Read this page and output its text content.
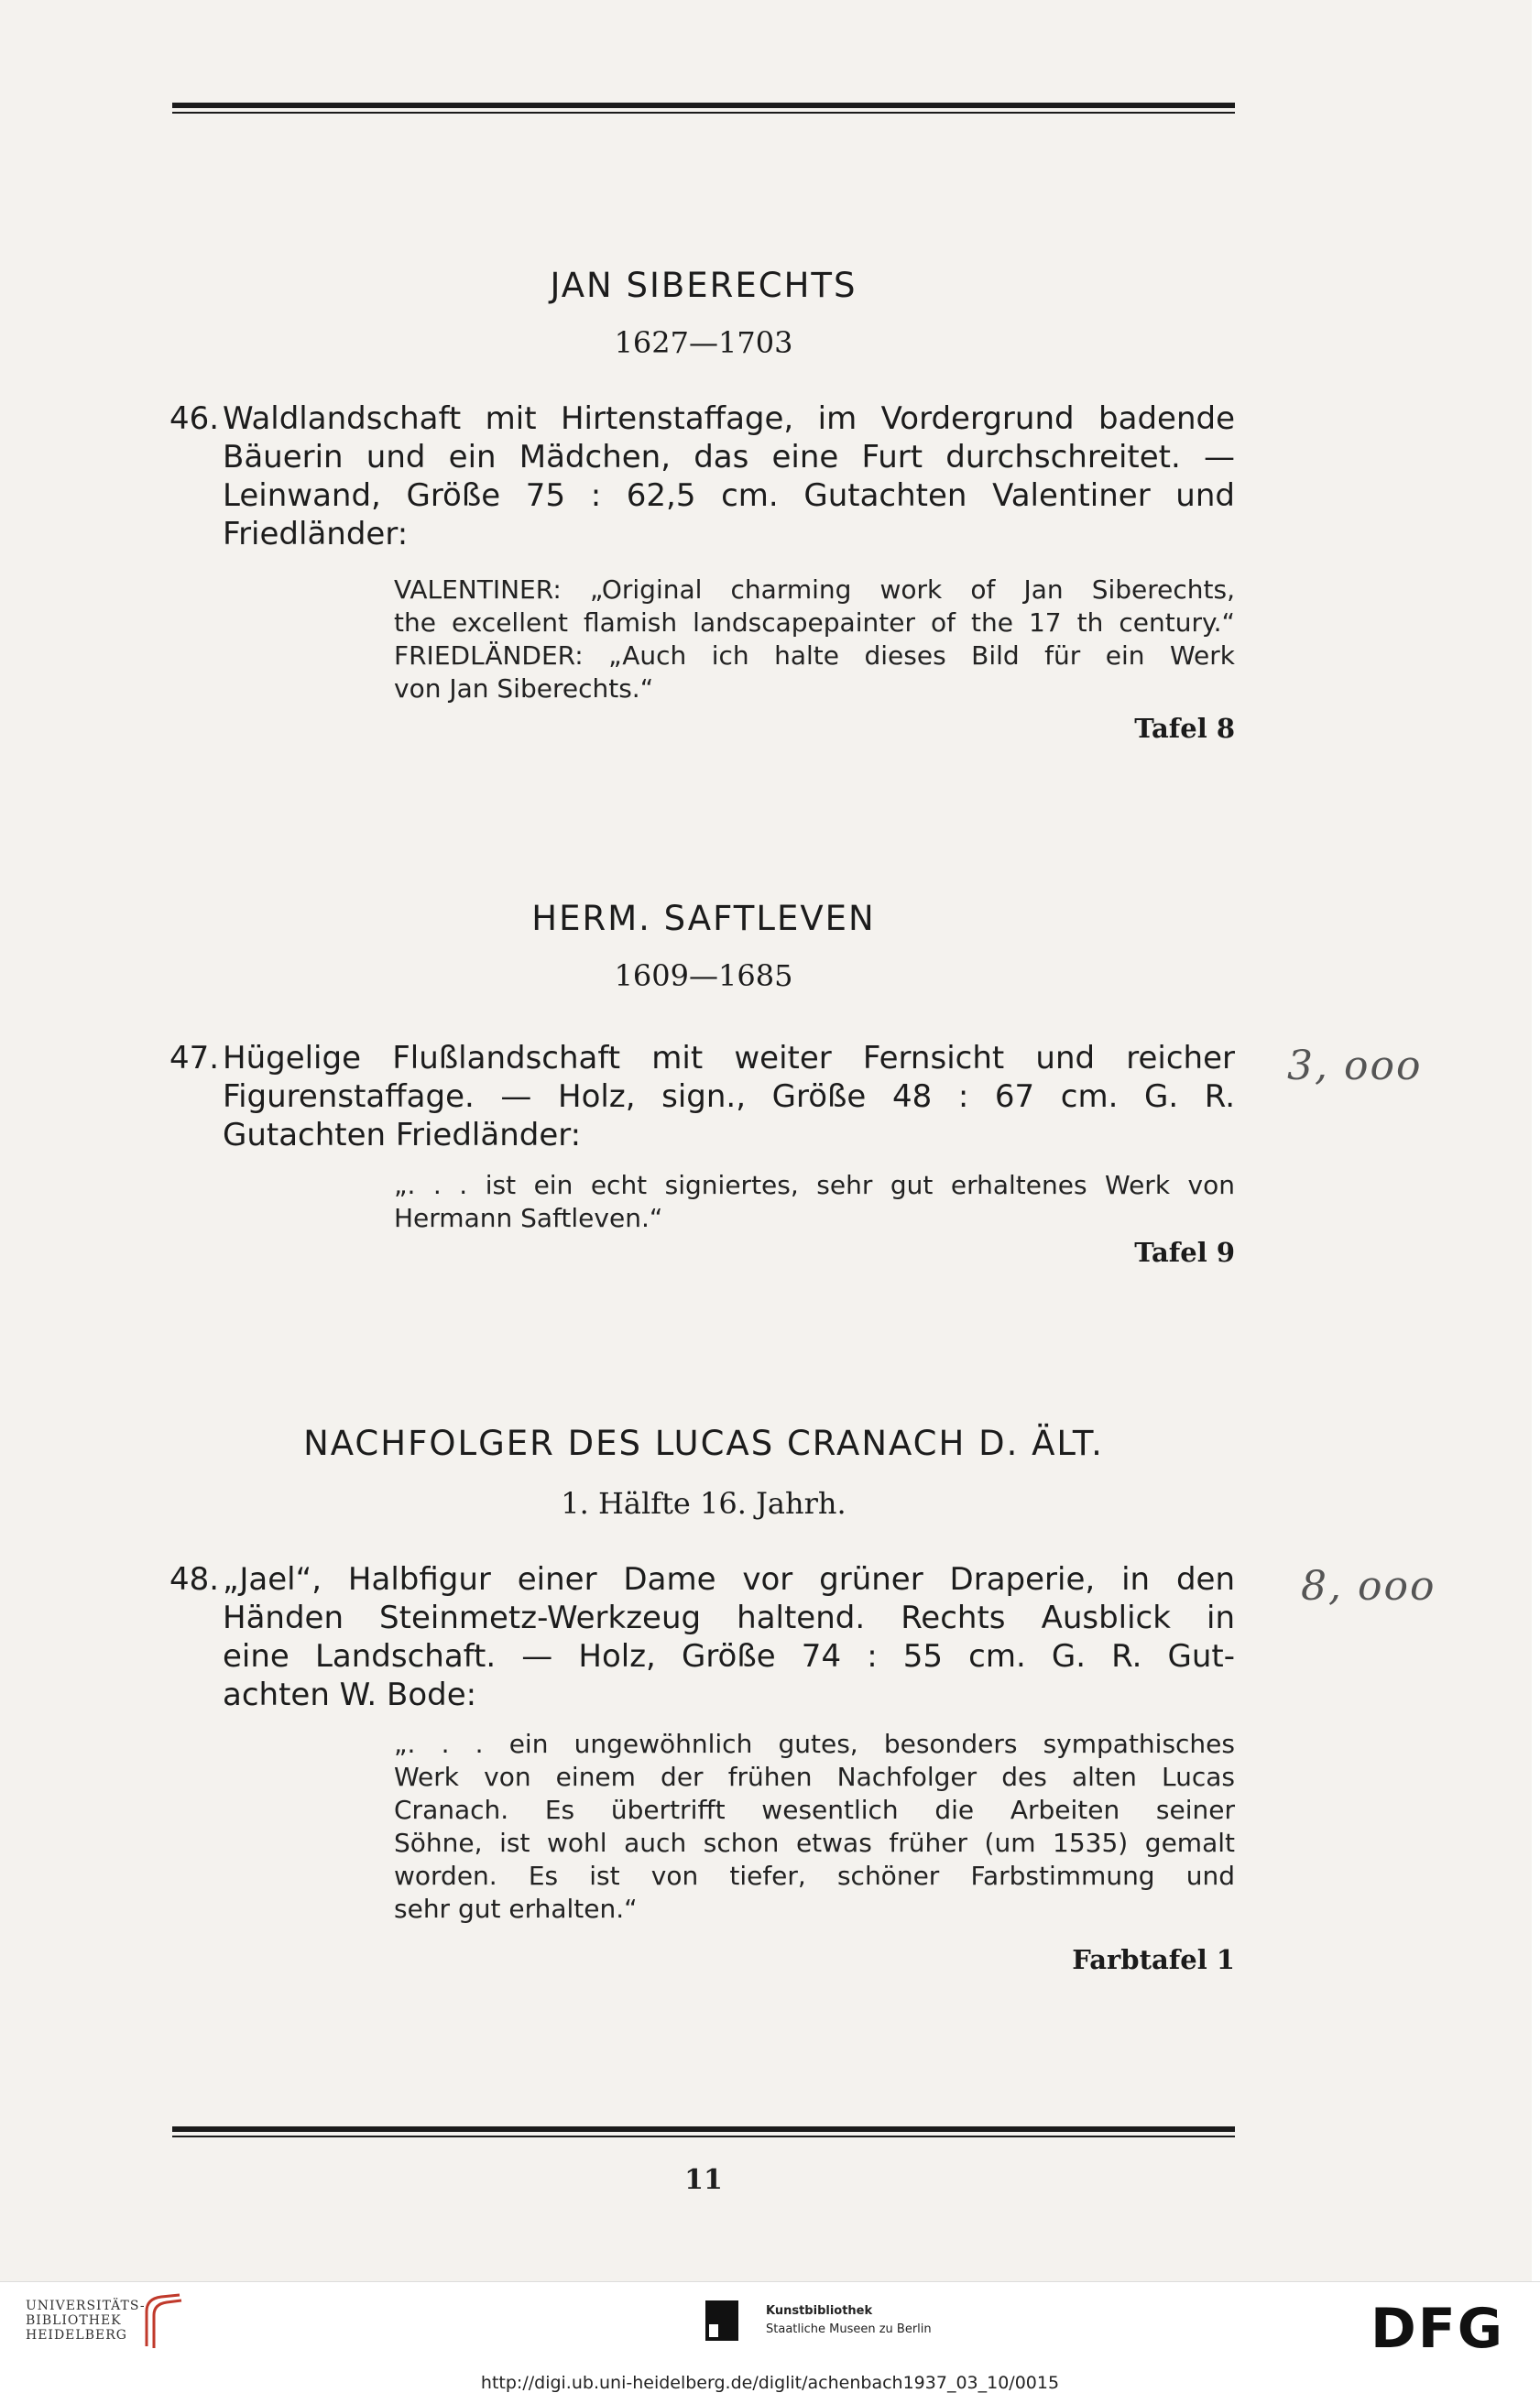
JAN SIBERECHTS
1627—1703
46. Waldlandschaft mit Hirtenstaffage, im Vordergrund badende
Bäuerin und ein Mädchen, das eine Furt durchschreitet. —
Leinwand, Größe 75 : 62,5 cm. Gutachten Valentiner und
Friedländer:
VALENTINER: „Original charming work of Jan Siberechts,
the excellent flamish landscapepainter of the 17 th century.“
FRIEDLÄNDER: „Auch ich halte dieses Bild für ein Werk
von Jan Siberechts.“
Tafel 8
HERM. SAFTLEVEN
1609—1685
47. Hügelige Flußlandschaft mit weiter Fernsicht und reicher
Figurenstaffage. — Holz, sign., Größe 48 : 67 cm. G. R.
Gutachten Friedländer:
3, ooo
„. . . ist ein echt signiertes, sehr gut erhaltenes Werk von
Hermann Saftleven.“
Tafel 9
NACHFOLGER DES LUCAS CRANACH D. ÄLT.
1. Hälfte 16. Jahrh.
48. „Jael“, Halbfigur einer Dame vor grüner Draperie, in den
Händen Steinmetz-Werkzeug haltend. Rechts Ausblick in
eine Landschaft. — Holz, Größe 74 : 55 cm. G. R. Gut-
achten W. Bode:
8, ooo
„. . . ein ungewöhnlich gutes, besonders sympathisches
Werk von einem der frühen Nachfolger des alten Lucas
Cranach. Es übertrifft wesentlich die Arbeiten seiner
Söhne, ist wohl auch schon etwas früher (um 1535) gemalt
worden. Es ist von tiefer, schöner Farbstimmung und
sehr gut erhalten.“
Farbtafel 1
11
UNIVERSITÄTS-
BIBLIOTHEK
HEIDELBERG
Kunstbibliothek
Staatliche Museen zu Berlin	DFG
http://digi.ub.uni-heidelberg.de/diglit/achenbach1937_03_10/0015
